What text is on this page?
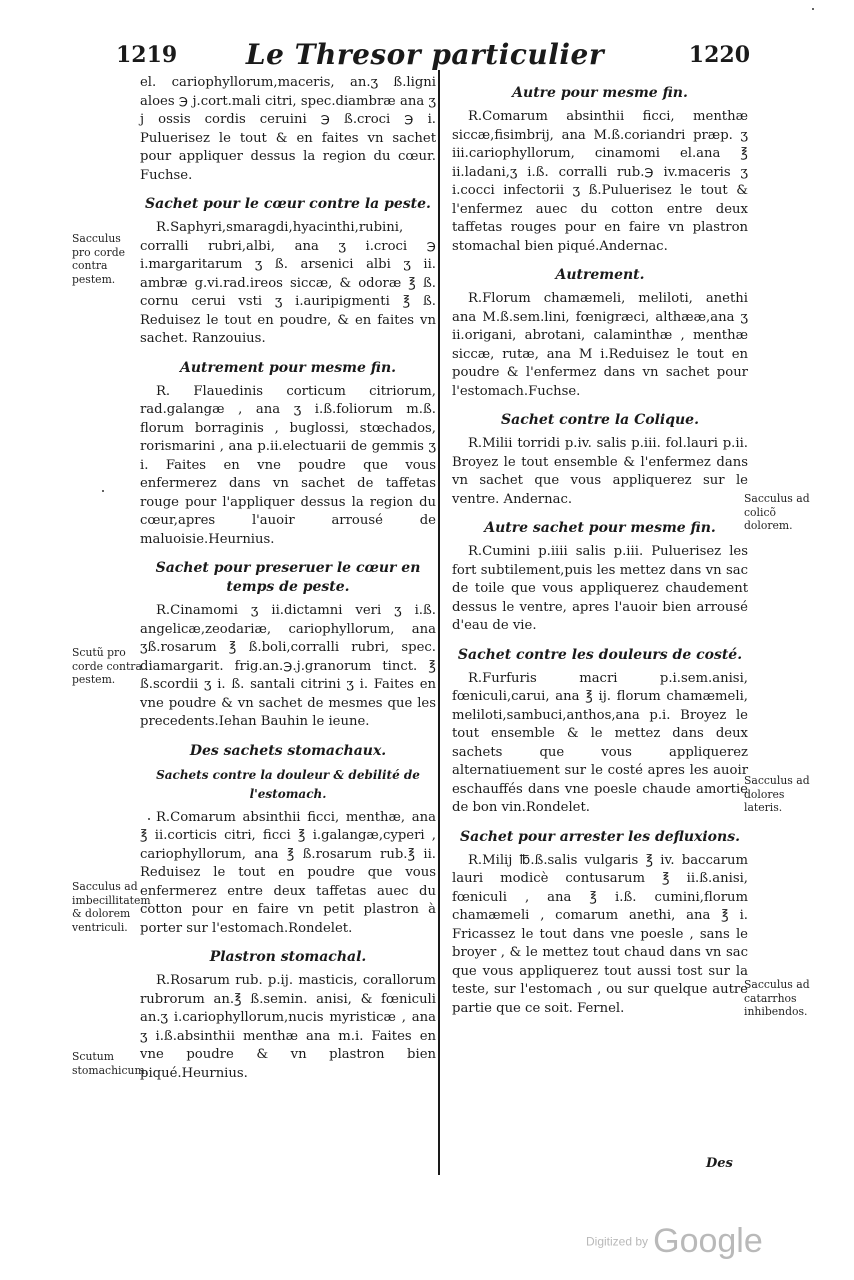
1219	Le Thresor particulier	1220

el. cariophyllorum,maceris, an.ʒ ß.ligni aloes ℈ j.cort.mali citri, spec.diambræ ana ʒ j ossis cordis ceruini ℈ ß.croci ℈ i. Puluerisez le tout & en faites vn sachet pour appliquer dessus la region du cœur. Fuchse.

Sachet pour le cœur contre la peste.

R.Saphyri,smaragdi,hyacinthi,rubini, corralli rubri,albi, ana ʒ i.croci ℈ i.margaritarum ʒ ß. arsenici albi ʒ ii. ambræ g.vi.rad.ireos siccæ, & odoræ ℥ ß. cornu cerui vsti ʒ i.auripigmenti ℥ ß. Reduisez le tout en poudre, & en faites vn sachet. Ranzouius.

Autrement pour mesme fin.

R. Flauedinis corticum citriorum, rad.galangæ , ana ʒ i.ß.foliorum m.ß. florum borraginis , buglossi, stœchados, rorismarini , ana p.ii.electuarii de gemmis ʒ i. Faites en vne poudre que vous enfermerez dans vn sachet de taffetas rouge pour l'appliquer dessus la region du cœur,apres l'auoir arrousé de maluoisie.Heurnius.

Sachet pour preseruer le cœur en temps de peste.

R.Cinamomi ʒ ii.dictamni veri ʒ i.ß. angelicæ,zeodariæ, cariophyllorum, ana ʒß.rosarum ℥ ß.boli,corralli rubri, spec. diamargarit. frig.an.℈.j.granorum tinct. ℥ ß.scordii ʒ i. ß. santali citrini ʒ i. Faites en vne poudre & vn sachet de mesmes que les precedents.Iehan Bauhin le ieune.

Des sachets stomachaux.
Sachets contre la douleur & debilité de l'estomach.

R.Comarum absinthii ficci, menthæ, ana ℥ ii.corticis citri, ficci ℥ i.galangæ,cyperi , cariophyllorum, ana ℥ ß.rosarum rub.℥ ii. Reduisez le tout en poudre que vous enfermerez entre deux taffetas auec du cotton pour en faire vn petit plastron à porter sur l'estomach.Rondelet.

Plastron stomachal.

R.Rosarum rub. p.ij. masticis, corallorum rubrorum an.℥ ß.semin. anisi, & fœniculi an.ʒ i.cariophyllorum,nucis myristicæ , ana ʒ i.ß.absinthii menthæ ana m.i. Faites en vne poudre & vn plastron bien piqué.Heurnius.

Autre pour mesme fin.

R.Comarum absinthii ficci, menthæ siccæ,fisimbrij, ana M.ß.coriandri præp. ʒ iii.cariophyllorum, cinamomi el.ana ℥ ii.ladani,ʒ i.ß. corralli rub.℈ iv.maceris ʒ i.cocci infectorii ʒ ß.Puluerisez le tout & l'enfermez auec du cotton entre deux taffetas rouges pour en faire vn plastron stomachal bien piqué.Andernac.

Autrement.

R.Florum chamæmeli, meliloti, anethi ana M.ß.sem.lini, fœnigræci, althææ,ana ʒ ii.origani, abrotani, calaminthæ , menthæ siccæ, rutæ, ana M i.Reduisez le tout en poudre & l'enfermez dans vn sachet pour l'estomach.Fuchse.

Sachet contre la Colique.

R.Milii torridi p.iv. salis p.iii. fol.lauri p.ii. Broyez le tout ensemble & l'enfermez dans vn sachet que vous appliquerez sur le ventre. Andernac.

Autre sachet pour mesme fin.

R.Cumini p.iiii salis p.iii. Puluerisez les fort subtilement,puis les mettez dans vn sac de toile que vous appliquerez chaudement dessus le ventre, apres l'auoir bien arrousé d'eau de vie.

Sachet contre les douleurs de costé.

R.Furfuris macri p.i.sem.anisi, fœniculi,carui, ana ℥ ij. florum chamæmeli, meliloti,sambuci,anthos,ana p.i. Broyez le tout ensemble & le mettez dans deux sachets que vous appliquerez alternatiuement sur le costé apres les auoir eschauffés dans vne poesle chaude amortie de bon vin.Rondelet.

Sachet pour arrester les defluxions.

R.Milij ℔.ß.salis vulgaris ℥ iv. baccarum lauri modicè contusarum ℥ ii.ß.anisi, fœniculi , ana ℥ i.ß. cumini,florum chamæmeli , comarum anethi, ana ℥ i. Fricassez le tout dans vne poesle , sans le broyer , & le mettez tout chaud dans vn sac que vous appliquerez tout aussi tost sur la teste, sur l'estomach , ou sur quelque autre partie que ce soit. Fernel.

Sacculus pro corde contra pestem.
Scutũ pro corde contra pestem.
Sacculus ad imbecillitatem & dolorem ventriculi.
Scutum stomachicum.
Sacculus ad colicõ dolorem.
Sacculus ad dolores lateris.
Sacculus ad catarrhos inhibendos.
Des
Digitized by Google
